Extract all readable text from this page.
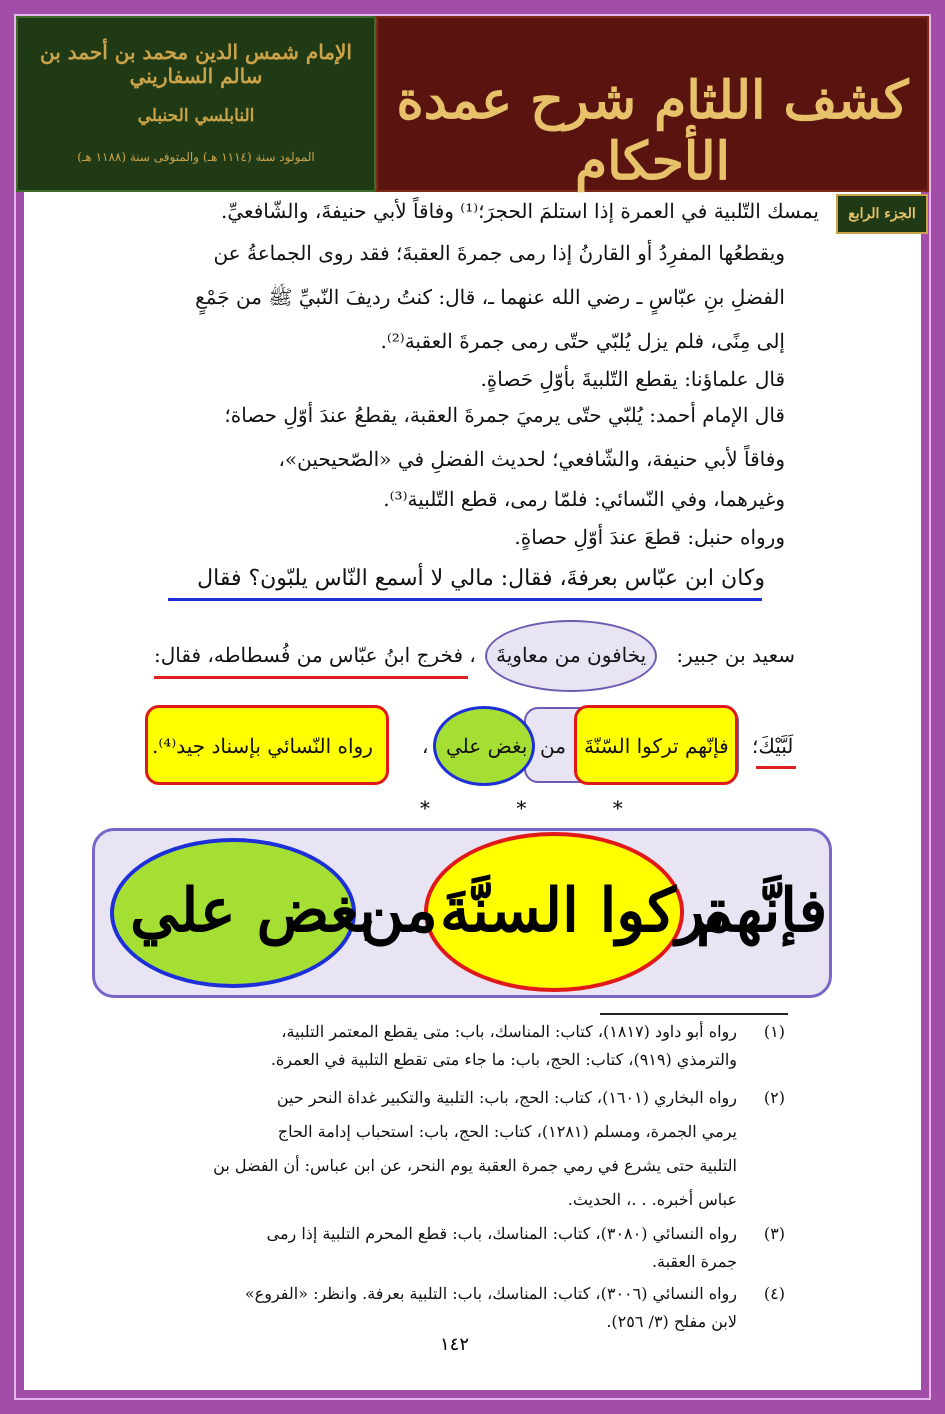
الإمام شمس الدين محمد بن أحمد بن سالم السفاريني
النابلسي الحنبلي
المولود سنة (١١١٤ هـ) والمتوفى سنة (١١٨٨ هـ)
كشف اللثام شرح عمدة الأحكام
الجزء الرابع
يمسك التّلبية في العمرة إذا استلمَ الحجرَ؛⁽¹⁾ وفاقاً لأبي حنيفةَ، والشّافعيِّ.
ويقطعُها المفرِدُ أو القارنُ إذا رمى جمرةَ العقبةَ؛ فقد روى الجماعةُ عن
الفضلِ بنِ عبّاسٍ ـ رضي الله عنهما ـ، قال: كنتُ رديفَ النّبيِّ ﷺ من جَمْعٍ
إلى مِنًى، فلم يزل يُلبّي حتّى رمى جمرةَ العقبة⁽²⁾.
قال علماؤنا: يقطع التّلبيةَ بأوّلِ حَصاةٍ.
قال الإمام أحمد: يُلبّي حتّى يرميَ جمرةَ العقبة، يقطعُ عندَ أوّلِ حصاة؛
وفاقاً لأبي حنيفة، والشّافعي؛ لحديث الفضلِ في «الصّحيحين»،
وغيرهما، وفي النّسائي: فلمّا رمى، قطع التّلبية⁽³⁾.
ورواه حنبل: قطعَ عندَ أوّلِ حصاةٍ.
وكان ابن عبّاس بعرفةَ، فقال: مالي لا أسمع النّاس يلبّون؟ فقال
سعيد بن جبير:
يخافون من معاويةَ
، فخرج ابنُ عبّاس من فُسطاطه، فقال:
لَبَّيْكَ؛
فإنّهم تركوا السّنّةَ
من
بغض علي
،
رواه النّسائي بإسناد جيد⁽⁴⁾.
* * *
فإنَّهم
تركوا السنَّةَ
من
بغض علي
(١)
رواه أبو داود (١٨١٧)، كتاب: المناسك، باب: متى يقطع المعتمر التلبية،
والترمذي (٩١٩)، كتاب: الحج، باب: ما جاء متى تقطع التلبية في العمرة.
(٢)
رواه البخاري (١٦٠١)، كتاب: الحج، باب: التلبية والتكبير غداة النحر حين
يرمي الجمرة، ومسلم (١٢٨١)، كتاب: الحج، باب: استحباب إدامة الحاج
التلبية حتى يشرع في رمي جمرة العقبة يوم النحر، عن ابن عباس: أن الفضل بن
عباس أخبره. . .، الحديث.
(٣)
رواه النسائي (٣٠٨٠)، كتاب: المناسك، باب: قطع المحرم التلبية إذا رمى
جمرة العقبة.
(٤)
رواه النسائي (٣٠٠٦)، كتاب: المناسك، باب: التلبية بعرفة. وانظر: «الفروع»
لابن مفلح (٣/ ٢٥٦).
١٤٢
